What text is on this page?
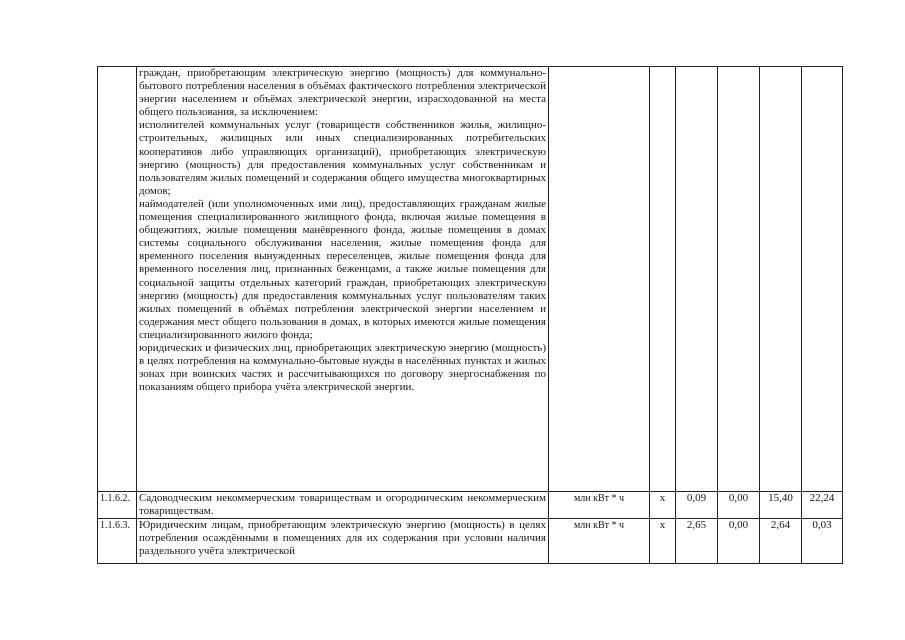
	граждан, приобретающим электрическую энергию (мощность) для коммунально-бытового потребления населения в объёмах фактического потребления электрической энергии населением и объёмах электрической энергии, израсходованной на места общего пользования, за исключением:

исполнителей коммунальных услуг (товариществ собственников жилья, жилищно-строительных, жилищных или иных специализированных потребительских кооперативов либо управляющих организаций), приобретающих электрическую энергию (мощность) для предоставления коммунальных услуг собственникам и пользователям жилых помещений и содержания общего имущества многоквартирных домов;

наймодателей (или уполномоченных ими лиц), предоставляющих гражданам жилые помещения специализированного жилищного фонда, включая жилые помещения в общежитиях, жилые помещения манёвренного фонда, жилые помещения в домах системы социального обслуживания населения, жилые помещения фонда для временного поселения вынужденных переселенцев, жилые помещения фонда для временного поселения лиц, признанных беженцами, а также жилые помещения для социальной защиты отдельных категорий граждан, приобретающих электрическую энергию (мощность) для предоставления коммунальных услуг пользователям таких жилых помещений в объёмах потребления электрической энергии населением и содержания мест общего пользования в домах, в которых имеются жилые помещения специализированного жилого фонда;

юридических и физических лиц, приобретающих электрическую энергию (мощность) в целях потребления на коммунально-бытовые нужды в населённых пунктах и жилых зонах при воинских частях и рассчитывающихся по договору энергоснабжения по показаниям общего прибора учёта электрической энергии.						

1.1.6.2.	Садоводческим некоммерческим товариществам и огородническим некоммерческим товариществам.	млн кВт * ч	х	0,09	0,00	15,40	22,24
1.1.6.3.	Юридическим лицам, приобретающим электрическую энергию (мощность) в целях потребления осаждёнными в помещениях для их содержания при условии наличия раздельного учёта электрической	млн кВт * ч	х	2,65	0,00	2,64	0,03
